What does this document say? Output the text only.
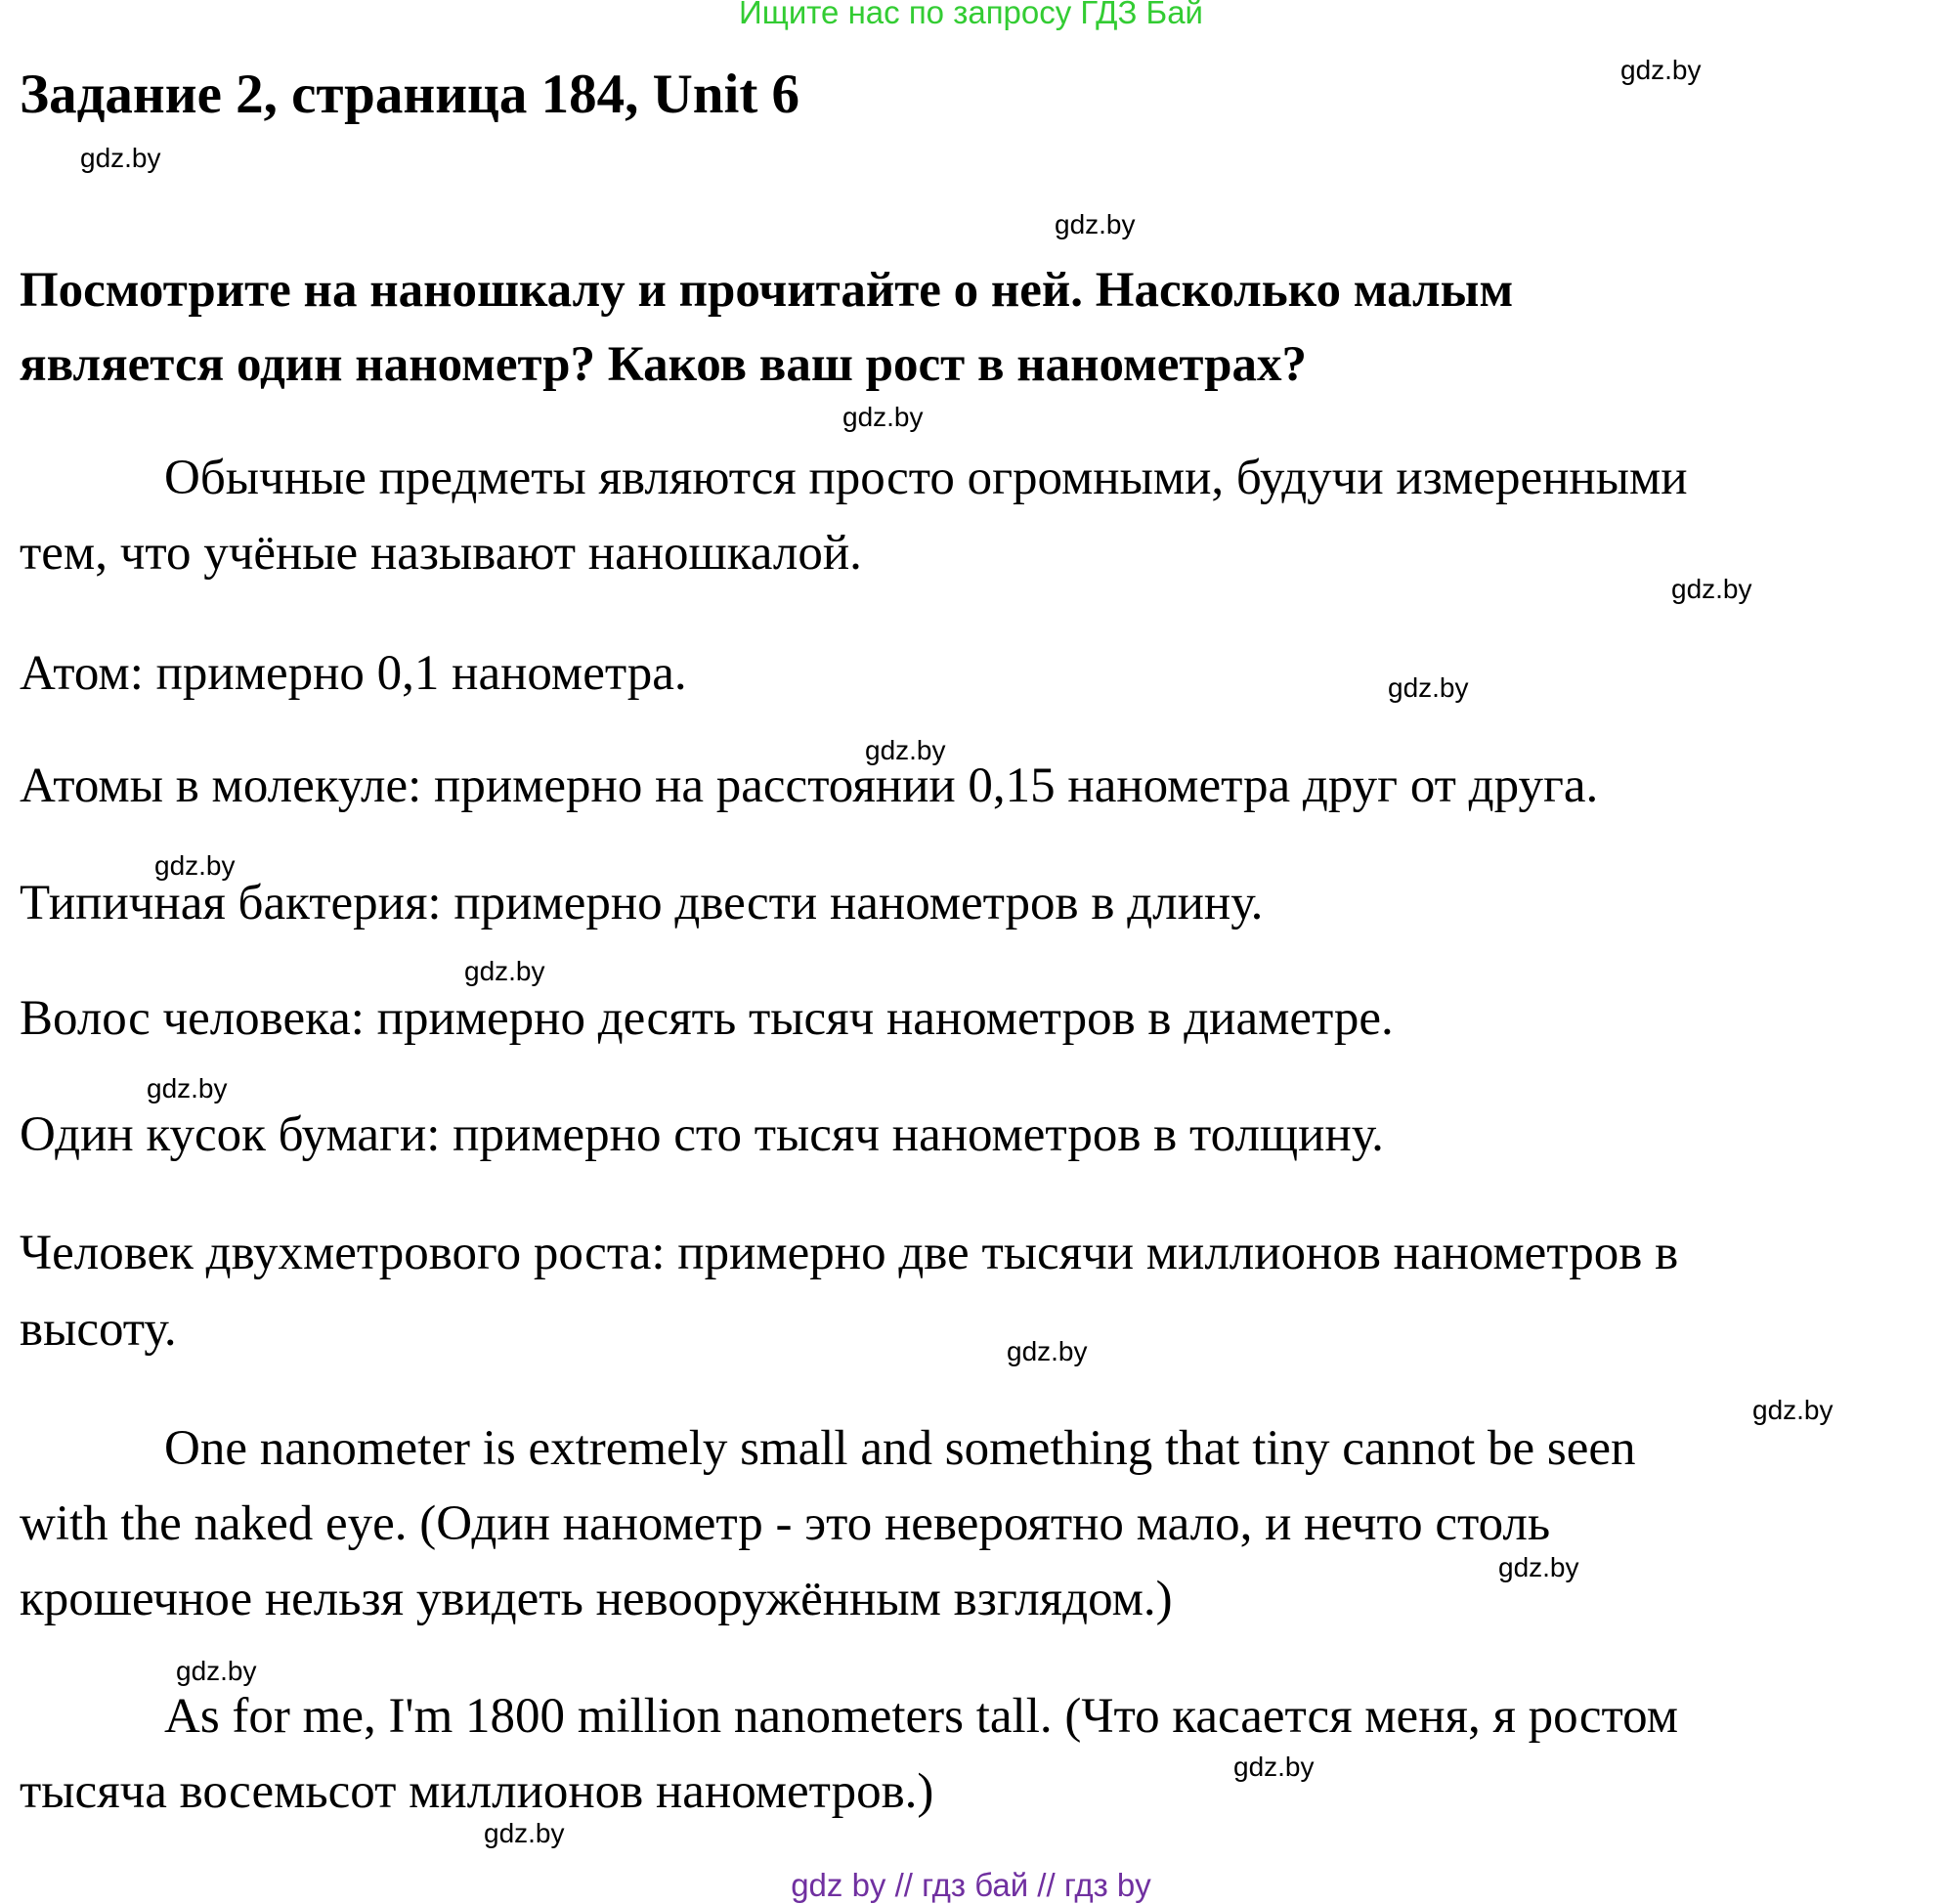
Ищите нас по запросу ГДЗ Бай
Задание 2, страница 184, Unit 6
Посмотрите на наношкалу и прочитайте о ней. Насколько малым
является один нанометр? Каков ваш рост в нанометрах?
Обычные предметы являются просто огромными, будучи измеренными
тем, что учёные называют наношкалой.
Атом: примерно 0,1 нанометра.
Атомы в молекуле: примерно на расстоянии 0,15 нанометра друг от друга.
Типичная бактерия: примерно двести нанометров в длину.
Волос человека: примерно десять тысяч нанометров в диаметре.
Один кусок бумаги: примерно сто тысяч нанометров в толщину.
Человек двухметрового роста: примерно две тысячи миллионов нанометров в
высоту.
One nanometer is extremely small and something that tiny cannot be seen
with the naked eye. (Один нанометр - это невероятно мало, и нечто столь
крошечное нельзя увидеть невооружённым взглядом.)
As for me, I'm 1800 million nanometers tall. (Что касается меня, я ростом
тысяча восемьсот миллионов нанометров.)
gdz.by
gdz.by
gdz.by
gdz.by
gdz.by
gdz.by
gdz.by
gdz.by
gdz.by
gdz.by
gdz.by
gdz.by
gdz.by
gdz.by
gdz.by
gdz.by
gdz by // гдз бай // гдз by
